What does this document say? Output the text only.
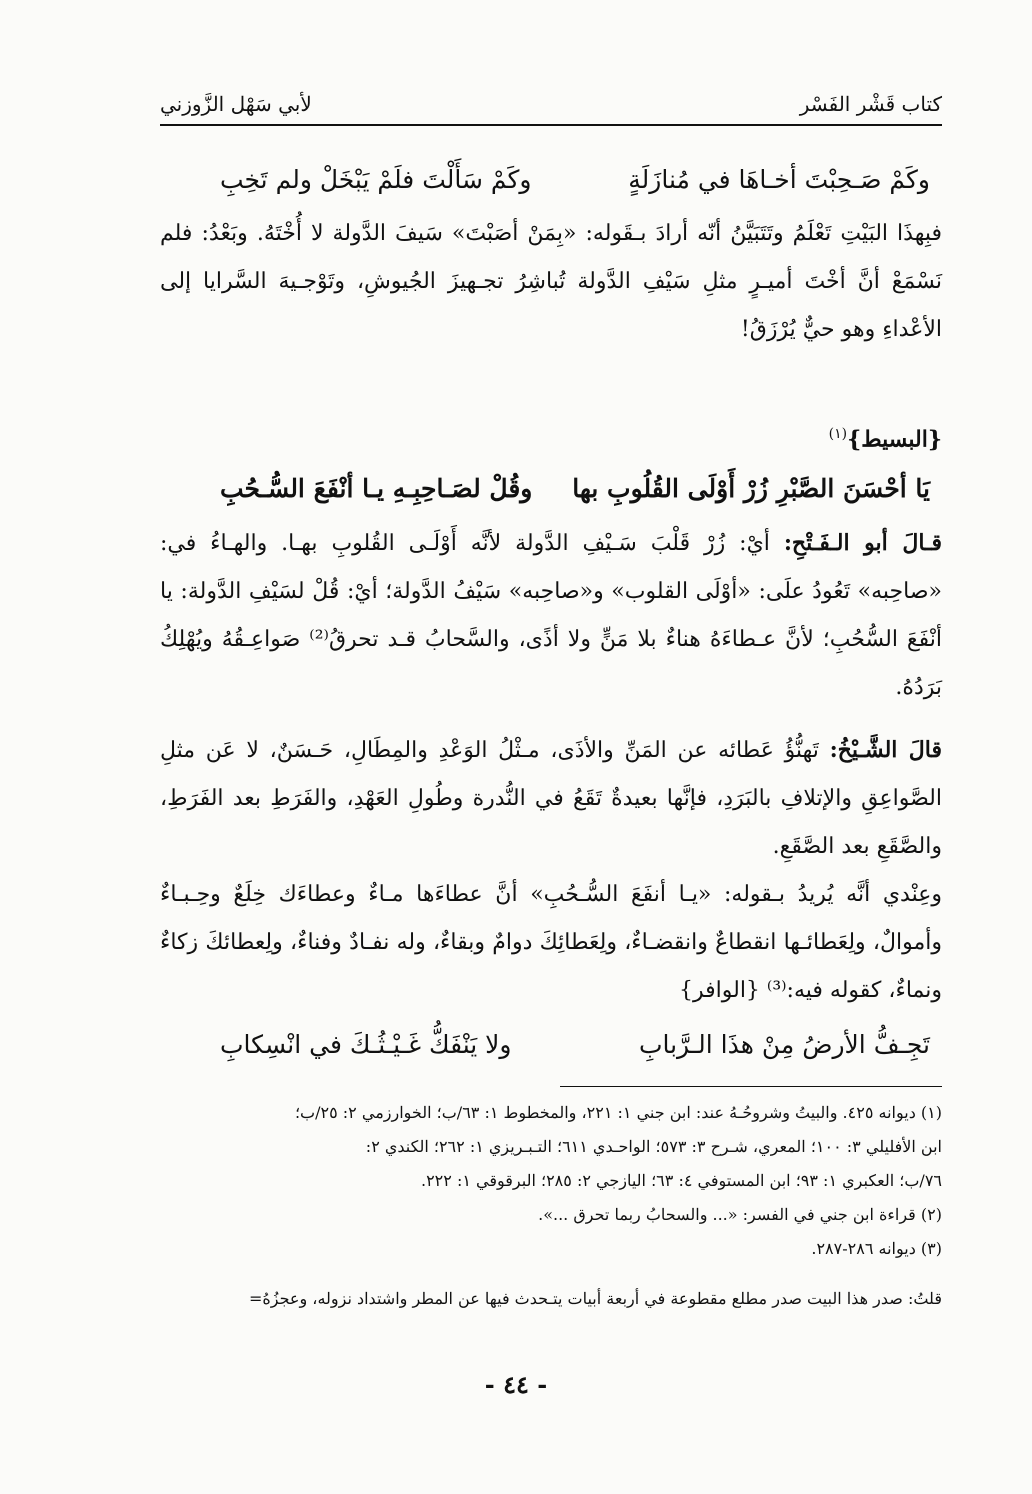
كتاب قَشْر الفَسْر
لأبي سَهْل الزَّوزني
وكَمْ صَـحِبْتَ أخـاهَا في مُنازَلَةٍ
وكَمْ سَأَلْتَ فلَمْ يَبْخَلْ ولم تَخِبِ

فبِهذَا البَيْتِ تَعْلَمُ وتَتَبَيَّنُ أنّه أرادَ بـقَوله: «بِمَنْ أصَبْتَ» سَيفَ الدَّولة لا أُخْتَهُ. وبَعْدُ: فلم نَسْمَعْ أنَّ أخْتَ أميـرٍ مثلِ سَيْفِ الدَّولة تُباشِرُ تجـهيزَ الجُيوشِ، وتَوْجـيهَ السَّرايا إلى الأعْداءِ وهو حيٌّ يُرْزَقُ!

{البسيط}$^{(١)}$
يَا أحْسَنَ الصَّبْرِ زُرْ أَوْلَى القُلُوبِ بها
وقُلْ لصَـاحِبِـهِ يـا أنْفَعَ السُّـحُبِ

قـالَ أبو الـفَـتْحِ: أيْ: زُرْ قَلْبَ سَـيْفِ الدَّولة لأنَّه أَوْلَـى القُلوبِ بهـا. والهـاءُ في: «صاحِبه» تَعُودُ علَى: «أوْلَى القلوب» و«صاحِبه» سَيْفُ الدَّولة؛ أيْ: قُلْ لسَيْفِ الدَّولة: يا أنْفَعَ السُّحُبِ؛ لأنَّ عـطاءَهُ هناءٌ بلا مَنٍّ ولا أذًى، والسَّحابُ قـد تحرقُ⁽²⁾ صَواعِـقُهُ ويُهْلِكُ بَرَدُهُ.

قالَ الشَّـيْخُ: تَهنُّؤُ عَطائه عن المَنِّ والأذَى، مـثْلُ الوَعْدِ والمِطَالِ، حَـسَنٌ، لا عَن مثلِ الصَّواعِقِ والإتلافِ بالبَرَدِ، فإنَّها بعيدةٌ تَقَعُ في النُّدرة وطُولِ العَهْدِ، والفَرَطِ بعد الفَرَطِ، والصَّقَعِ بعد الصَّقَعِ.

وعِنْدي أنَّه يُريدُ بـقوله: «يـا أنفَعَ السُّـحُبِ» أنَّ عطاءَها مـاءٌ وعطاءَك خِلَعٌ وحِـبـاءٌ وأموالٌ، ولِعَطائـها انقطاعٌ وانقضـاءٌ، ولِعَطائِكَ دوامٌ وبقاءٌ، وله نفـادٌ وفناءٌ، ولِعطائكَ زكاءٌ ونماءٌ، كقوله فيه:⁽³⁾ {الوافر}

تَجِـفُّ الأرضُ مِنْ هذَا الـرَّبابِ
ولا يَنْفَكُّ غَـيْـثُـكَ في انْسِكابِ

(١) ديوانه ٤٢٥. والبيتُ وشروحُـهُ عند: ابن جني ١: ٢٢١، والمخطوط ١: ٦٣/ب؛ الخوارزمي ٢: ٢٥/ب؛

ابن الأفليلي ٣: ١٠٠؛ المعري، شـرح ٣: ٥٧٣؛ الواحـدي ٦١١؛ التـبـريزي ١: ٢٦٢؛ الكندي ٢:

٧٦/ب؛ العكبري ١: ٩٣؛ ابن المستوفي ٤: ٦٣؛ اليازجي ٢: ٢٨٥؛ البرقوقي ١: ٢٢٢.

(٢) قراءة ابن جني في الفسر: «... والسحابُ ربما تحرق ...».

(٣) ديوانه ٢٨٦-٢٨٧.

قلتُ: صدر هذا البيت صدر مطلع مقطوعة في أربعة أبيات يتـحدث فيها عن المطر واشتداد نزوله، وعجزُهُ=

- ٤٤ -
